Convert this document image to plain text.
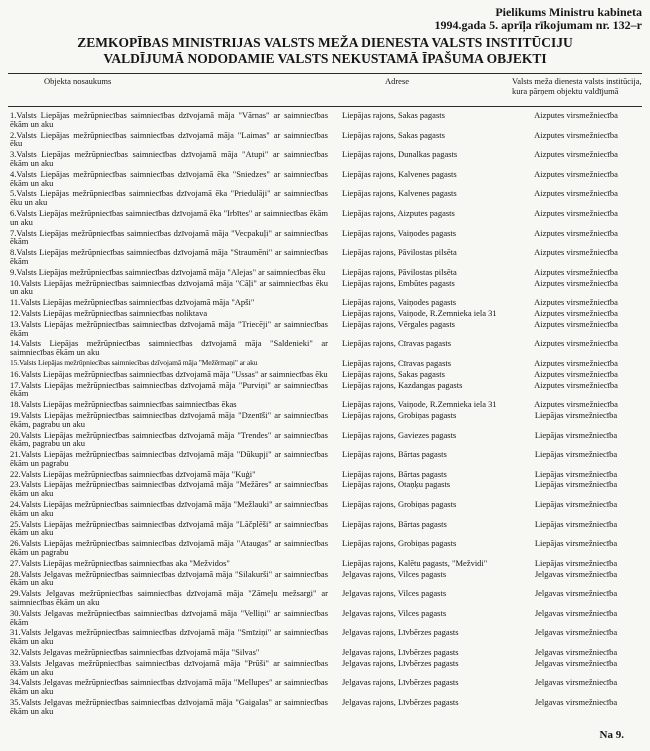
Pielikums Ministru kabineta
1994.gada 5. aprīļa rīkojumam nr. 132–r
ZEMKOPĪBAS MINISTRIJAS VALSTS MEŽA DIENESTA VALSTS INSTITŪCIJU
VALDĪJUMĀ NODODAMIE VALSTS NEKUSTAMĀ ĪPAŠUMA OBJEKTI
Objekta nosaukums	Adrese	Valsts meža dienesta valsts institūcija, kura pārņem objektu valdījumā
1.Valsts Liepājas mežrūpniecības saimniecības dzīvojamā māja "Vārnas" ar saimniecības ēkām un aku
Liepājas rajons, Sakas pagasts	Aizputes virsmežniecība
2.Valsts Liepājas mežrūpniecības saimniecības dzīvojamā māja "Laimas" ar saimniecības ēku
Liepājas rajons, Sakas pagasts	Aizputes virsmežniecība
3.Valsts Liepājas mežrūpniecības saimniecības dzīvojamā māja "Atupi" ar saimniecības ēkām un aku
Liepājas rajons, Dunalkas pagasts	Aizputes virsmežniecība
4.Valsts Liepājas mežrūpniecības saimniecības dzīvojamā ēka "Sniedzes" ar saimniecības ēkām un aku
Liepājas rajons, Kalvenes pagasts	Aizputes virsmežniecība
5.Valsts Liepājas mežrūpniecības saimniecības dzīvojamā ēka "Priedulāji" ar saimniecības ēku un aku
Liepājas rajons, Kalvenes pagasts	Aizputes virsmežniecība
6.Valsts Liepājas mežrūpniecības saimniecības dzīvojamā ēka "Irbītes" ar saimniecības ēkām un aku
Liepājas rajons, Aizputes pagasts	Aizputes virsmežniecība
7.Valsts Liepājas mežrūpniecības saimniecības dzīvojamā māja "Vecpakuļi" ar saimniecības ēkām
Liepājas rajons, Vaiņodes pagasts	Aizputes virsmežniecība
8.Valsts Liepājas mežrūpniecības saimniecības dzīvojamā māja "Straumēni" ar saimniecības ēkām
Liepājas rajons, Pāvilostas pilsēta	Aizputes virsmežniecība
9.Valsts Liepājas mežrūpniecības saimniecības dzīvojamā māja "Alejas" ar saimniecības ēku	Liepājas rajons, Pāvilostas pilsēta	Aizputes virsmežniecība
10.Valsts Liepājas mežrūpniecības saimniecības dzīvojamā māja "Cāļi" ar saimniecības ēku un aku
Liepājas rajons, Embūtes pagasts	Aizputes virsmežniecība
11.Valsts Liepājas mežrūpniecības saimniecības dzīvojamā māja "Apši"	Liepājas rajons, Vaiņodes pagasts	Aizputes virsmežniecība
12.Valsts Liepājas mežrūpniecības saimniecības noliktava	Liepājas rajons, Vaiņode, R.Zemnieka iela 31	Aizputes virsmežniecība
13.Valsts Liepājas mežrūpniecības saimniecības dzīvojamā māja "Triecēji" ar saimniecības ēkām
Liepājas rajons, Vērgales pagasts	Aizputes virsmežniecība
14.Valsts Liepājas mežrūpniecības saimniecības dzīvojamā māja "Saldenieki" ar saimniecības ēkām un aku
Liepājas rajons, Cīravas pagasts	Aizputes virsmežniecība
15.Valsts Liepājas mežrūpniecības saimniecības dzīvojamā māja "Mežērmaņi" ar aku	Liepājas rajons, Cīravas pagasts	Aizputes virsmežniecība
16.Valsts Liepājas mežrūpniecības saimniecības dzīvojamā māja "Ussas" ar saimniecības ēku	Liepājas rajons, Sakas pagasts	Aizputes virsmežniecība
17.Valsts Liepājas mežrūpniecības saimniecības dzīvojamā māja "Purviņi" ar saimniecības ēkām
Liepājas rajons, Kazdangas pagasts	Aizputes virsmežniecība
18.Valsts Liepājas mežrūpniecības saimniecības saimniecības ēkas	Liepājas rajons, Vaiņode, R.Zemnieka iela 31	Aizputes virsmežniecība
19.Valsts Liepājas mežrūpniecības saimniecības dzīvojamā māja "Dzenīši" ar saimniecības ēkām, pagrabu un aku
Liepājas rajons, Grobiņas pagasts	Liepājas virsmežniecība
20.Valsts Liepājas mežrūpniecības saimniecības dzīvojamā māja "Trendes" ar saimniecības ēkām, pagrabu un aku
Liepājas rajons, Gaviezes pagasts	Liepājas virsmežniecība
21.Valsts Liepājas mežrūpniecības saimniecības dzīvojamā māja "Dūkupji" ar saimniecības ēkām un pagrabu
Liepājas rajons, Bārtas pagasts	Liepājas virsmežniecība
22.Valsts Liepājas mežrūpniecības saimniecības dzīvojamā māja "Kuģi"	Liepājas rajons, Bārtas pagasts	Liepājas virsmežniecība
23.Valsts Liepājas mežrūpniecības saimniecības dzīvojamā māja "Mežāres" ar saimniecības ēkām un aku
Liepājas rajons, Otaņķu pagasts	Liepājas virsmežniecība
24.Valsts Liepājas mežrūpniecības saimniecības dzīvojamā māja "Mežlauki" ar saimniecības ēkām un aku
Liepājas rajons, Grobiņas pagasts	Liepājas virsmežniecība
25.Valsts Liepājas mežrūpniecības saimniecības dzīvojamā māja "Lāčplēši" ar saimniecības ēkām un aku
Liepājas rajons, Bārtas pagasts	Liepājas virsmežniecība
26.Valsts Liepājas mežrūpniecības saimniecības dzīvojamā māja "Ataugas" ar saimniecības ēkām un pagrabu
Liepājas rajons, Grobiņas pagasts	Liepājas virsmežniecība
27.Valsts Liepājas mežrūpniecības saimniecības aka "Mežvidos"	Liepājas rajons, Kalētu pagasts, "Mežvidi"	Liepājas virsmežniecība
28.Valsts Jelgavas mežrūpniecības saimniecības dzīvojamā māja "Silakurši" ar saimniecības ēkām un aku
Jelgavas rajons, Vilces pagasts	Jelgavas virsmežniecība
29.Valsts Jelgavas mežrūpniecības saimniecības dzīvojamā māja "Zāmeļu mežsargi" ar saimniecības ēkām un aku
Jelgavas rajons, Vilces pagasts	Jelgavas virsmežniecība
30.Valsts Jelgavas mežrūpniecības saimniecības dzīvojamā māja "Velliņi" ar saimniecības ēkām
Jelgavas rajons, Vilces pagasts	Jelgavas virsmežniecība
31.Valsts Jelgavas mežrūpniecības saimniecības dzīvojamā māja "Smīziņi" ar saimniecības ēkām un aku
Jelgavas rajons, Līvbērzes pagasts	Jelgavas virsmežniecība
32.Valsts Jelgavas mežrūpniecības saimniecības dzīvojamā māja "Silvas"	Jelgavas rajons, Līvbērzes pagasts	Jelgavas virsmežniecība
33.Valsts Jelgavas mežrūpniecības saimniecības dzīvojamā māja "Prūši" ar saimniecības ēkām un aku
Jelgavas rajons, Līvbērzes pagasts	Jelgavas virsmežniecība
34.Valsts Jelgavas mežrūpniecības saimniecības dzīvojamā māja "Mellupes" ar saimniecības ēkām un aku
Jelgavas rajons, Līvbērzes pagasts	Jelgavas virsmežniecība
35.Valsts Jelgavas mežrūpniecības saimniecības dzīvojamā māja "Gaigalas" ar saimniecības ēkām un aku
Jelgavas rajons, Līvbērzes pagasts	Jelgavas virsmežniecība
Na 9.
